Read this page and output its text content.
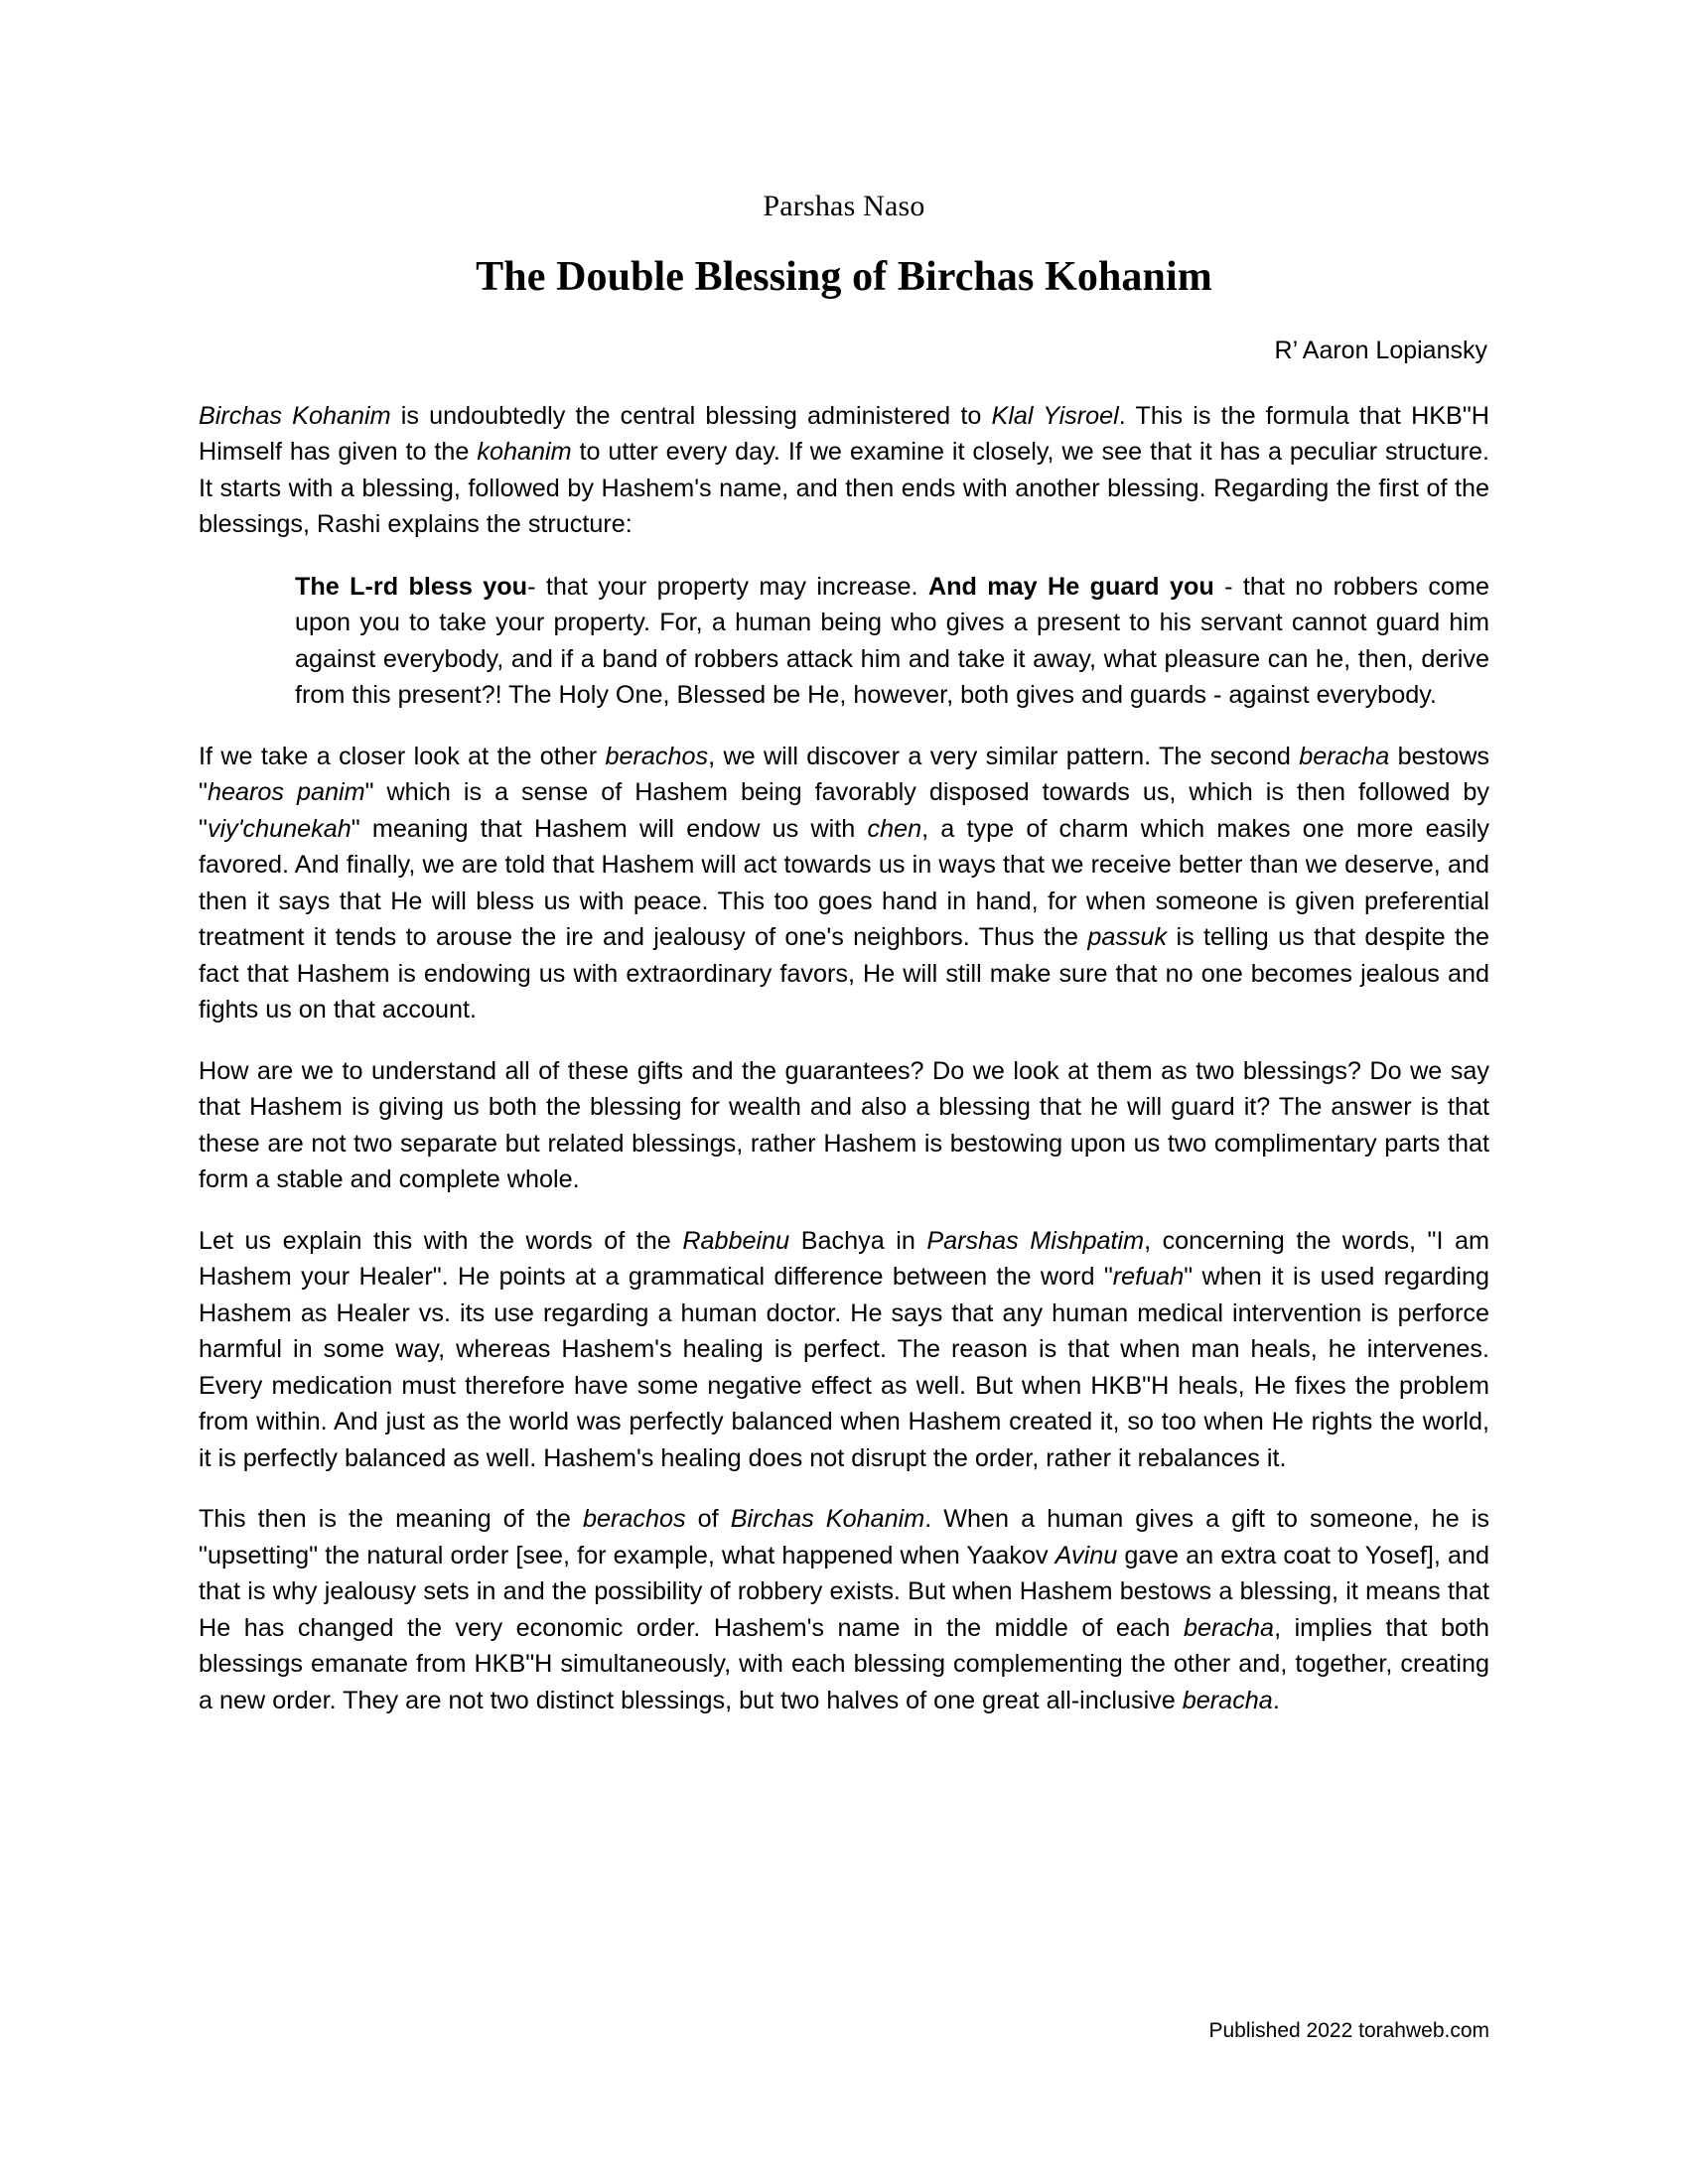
Parshas Naso
The Double Blessing of Birchas Kohanim
R’ Aaron Lopiansky

Birchas Kohanim is undoubtedly the central blessing administered to Klal Yisroel. This is the formula that HKB"H Himself has given to the kohanim to utter every day. If we examine it closely, we see that it has a peculiar structure. It starts with a blessing, followed by Hashem's name, and then ends with another blessing. Regarding the first of the blessings, Rashi explains the structure:

The L-rd bless you- that your property may increase. And may He guard you - that no robbers come upon you to take your property. For, a human being who gives a present to his servant cannot guard him against everybody, and if a band of robbers attack him and take it away, what pleasure can he, then, derive from this present?! The Holy One, Blessed be He, however, both gives and guards - against everybody.

If we take a closer look at the other berachos, we will discover a very similar pattern. The second beracha bestows "hearos panim" which is a sense of Hashem being favorably disposed towards us, which is then followed by "viy'chunekah" meaning that Hashem will endow us with chen, a type of charm which makes one more easily favored. And finally, we are told that Hashem will act towards us in ways that we receive better than we deserve, and then it says that He will bless us with peace. This too goes hand in hand, for when someone is given preferential treatment it tends to arouse the ire and jealousy of one's neighbors. Thus the passuk is telling us that despite the fact that Hashem is endowing us with extraordinary favors, He will still make sure that no one becomes jealous and fights us on that account.

How are we to understand all of these gifts and the guarantees? Do we look at them as two blessings? Do we say that Hashem is giving us both the blessing for wealth and also a blessing that he will guard it? The answer is that these are not two separate but related blessings, rather Hashem is bestowing upon us two complimentary parts that form a stable and complete whole.

Let us explain this with the words of the Rabbeinu Bachya in Parshas Mishpatim, concerning the words, "I am Hashem your Healer". He points at a grammatical difference between the word "refuah" when it is used regarding Hashem as Healer vs. its use regarding a human doctor. He says that any human medical intervention is perforce harmful in some way, whereas Hashem's healing is perfect. The reason is that when man heals, he intervenes. Every medication must therefore have some negative effect as well. But when HKB"H heals, He fixes the problem from within. And just as the world was perfectly balanced when Hashem created it, so too when He rights the world, it is perfectly balanced as well. Hashem's healing does not disrupt the order, rather it rebalances it.

This then is the meaning of the berachos of Birchas Kohanim. When a human gives a gift to someone, he is "upsetting" the natural order [see, for example, what happened when Yaakov Avinu gave an extra coat to Yosef], and that is why jealousy sets in and the possibility of robbery exists. But when Hashem bestows a blessing, it means that He has changed the very economic order. Hashem's name in the middle of each beracha, implies that both blessings emanate from HKB"H simultaneously, with each blessing complementing the other and, together, creating a new order. They are not two distinct blessings, but two halves of one great all-inclusive beracha.

Published 2022 torahweb.com
